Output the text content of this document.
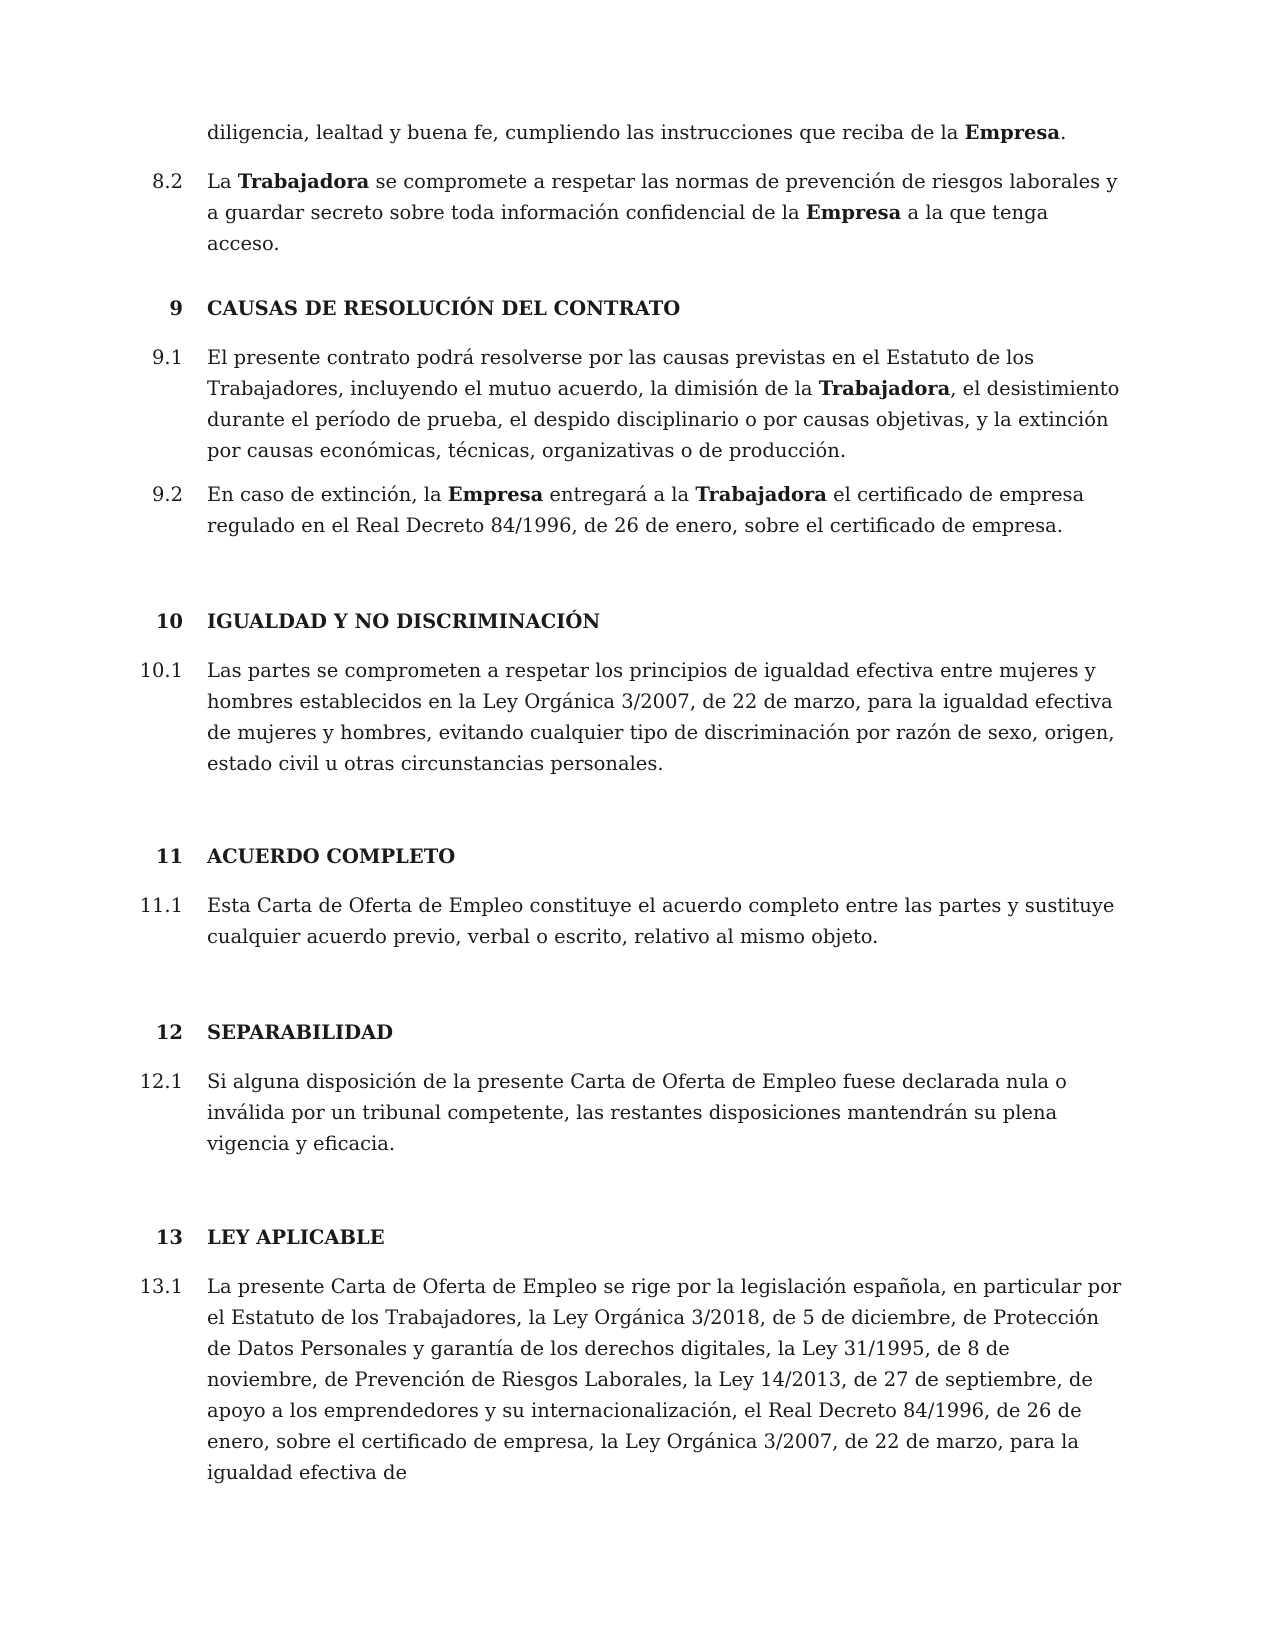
diligencia, lealtad y buena fe, cumpliendo las instrucciones que reciba de la Empresa.

8.2 La Trabajadora se compromete a respetar las normas de prevención de riesgos laborales y a guardar secreto sobre toda información confidencial de la Empresa a la que tenga acceso.

9 CAUSAS DE RESOLUCIÓN DEL CONTRATO
9.1 El presente contrato podrá resolverse por las causas previstas en el Estatuto de los Trabajadores, incluyendo el mutuo acuerdo, la dimisión de la Trabajadora, el desistimiento durante el período de prueba, el despido disciplinario o por causas objetivas, y la extinción por causas económicas, técnicas, organizativas o de producción.

9.2 En caso de extinción, la Empresa entregará a la Trabajadora el certificado de empresa regulado en el Real Decreto 84/1996, de 26 de enero, sobre el certificado de empresa.

10 IGUALDAD Y NO DISCRIMINACIÓN
10.1 Las partes se comprometen a respetar los principios de igualdad efectiva entre mujeres y hombres establecidos en la Ley Orgánica 3/2007, de 22 de marzo, para la igualdad efectiva de mujeres y hombres, evitando cualquier tipo de discriminación por razón de sexo, origen, estado civil u otras circunstancias personales.

11 ACUERDO COMPLETO
11.1 Esta Carta de Oferta de Empleo constituye el acuerdo completo entre las partes y sustituye cualquier acuerdo previo, verbal o escrito, relativo al mismo objeto.

12 SEPARABILIDAD
12.1 Si alguna disposición de la presente Carta de Oferta de Empleo fuese declarada nula o inválida por un tribunal competente, las restantes disposiciones mantendrán su plena vigencia y eficacia.

13 LEY APLICABLE
13.1 La presente Carta de Oferta de Empleo se rige por la legislación española, en particular por el Estatuto de los Trabajadores, la Ley Orgánica 3/2018, de 5 de diciembre, de Protección de Datos Personales y garantía de los derechos digitales, la Ley 31/1995, de 8 de noviembre, de Prevención de Riesgos Laborales, la Ley 14/2013, de 27 de septiembre, de apoyo a los emprendedores y su internacionalización, el Real Decreto 84/1996, de 26 de enero, sobre el certificado de empresa, la Ley Orgánica 3/2007, de 22 de marzo, para la igualdad efectiva de
